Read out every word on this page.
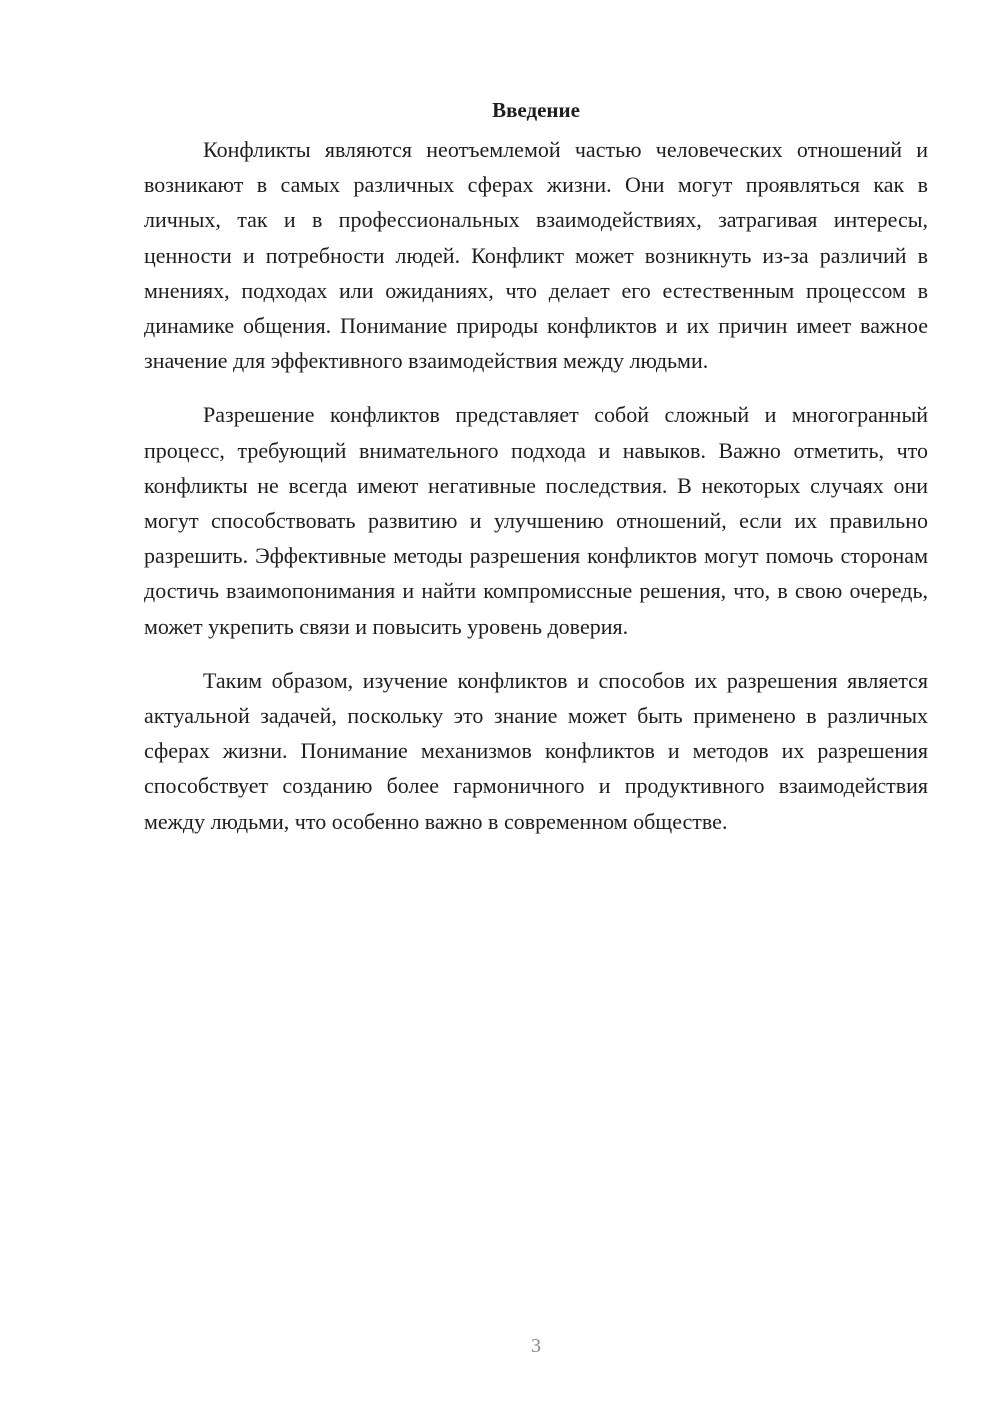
Введение

Конфликты являются неотъемлемой частью человеческих отношений и возникают в самых различных сферах жизни. Они могут проявляться как в личных, так и в профессиональных взаимодействиях, затрагивая интересы, ценности и потребности людей. Конфликт может возникнуть из-за различий в мнениях, подходах или ожиданиях, что делает его естественным процессом в динамике общения. Понимание природы конфликтов и их причин имеет важное значение для эффективного взаимодействия между людьми.

Разрешение конфликтов представляет собой сложный и многогранный процесс, требующий внимательного подхода и навыков. Важно отметить, что конфликты не всегда имеют негативные последствия. В некоторых случаях они могут способствовать развитию и улучшению отношений, если их правильно разрешить. Эффективные методы разрешения конфликтов могут помочь сторонам достичь взаимопонимания и найти компромиссные решения, что, в свою очередь, может укрепить связи и повысить уровень доверия.

Таким образом, изучение конфликтов и способов их разрешения является актуальной задачей, поскольку это знание может быть применено в различных сферах жизни. Понимание механизмов конфликтов и методов их разрешения способствует созданию более гармоничного и продуктивного взаимодействия между людьми, что особенно важно в современном обществе.

3
